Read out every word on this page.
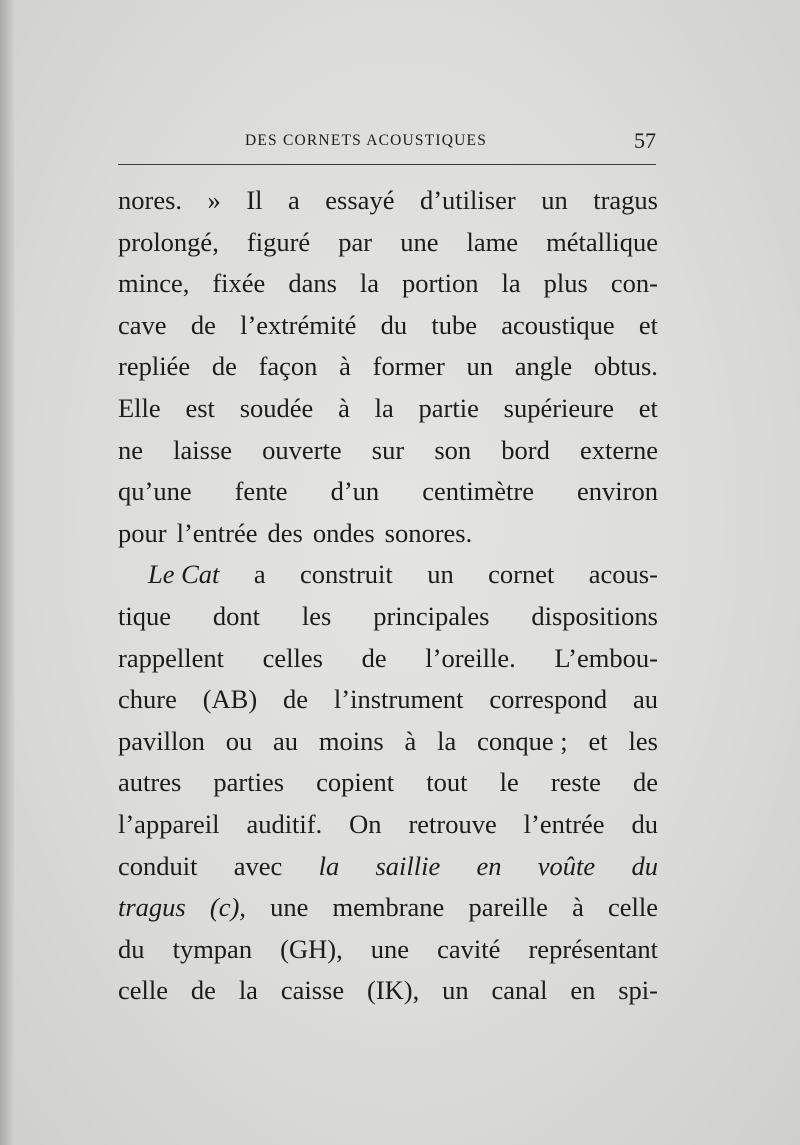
DES CORNETS ACOUSTIQUES	57
nores. » Il a essayé d’utiliser un tragus
prolongé, figuré par une lame métallique
mince, fixée dans la portion la plus con-
cave de l’extrémité du tube acoustique et
repliée de façon à former un angle obtus.
Elle est soudée à la partie supérieure et
ne laisse ouverte sur son bord externe
qu’une fente d’un centimètre environ
pour l’entrée des ondes sonores.
Le Cat a construit un cornet acous-
tique dont les principales dispositions
rappellent celles de l’oreille. L’embou-
chure (AB) de l’instrument correspond au
pavillon ou au moins à la conque ; et les
autres parties copient tout le reste de
l’appareil auditif. On retrouve l’entrée du
conduit avec la saillie en voûte du
tragus (c), une membrane pareille à celle
du tympan (GH), une cavité représentant
celle de la caisse (IK), un canal en spi-
